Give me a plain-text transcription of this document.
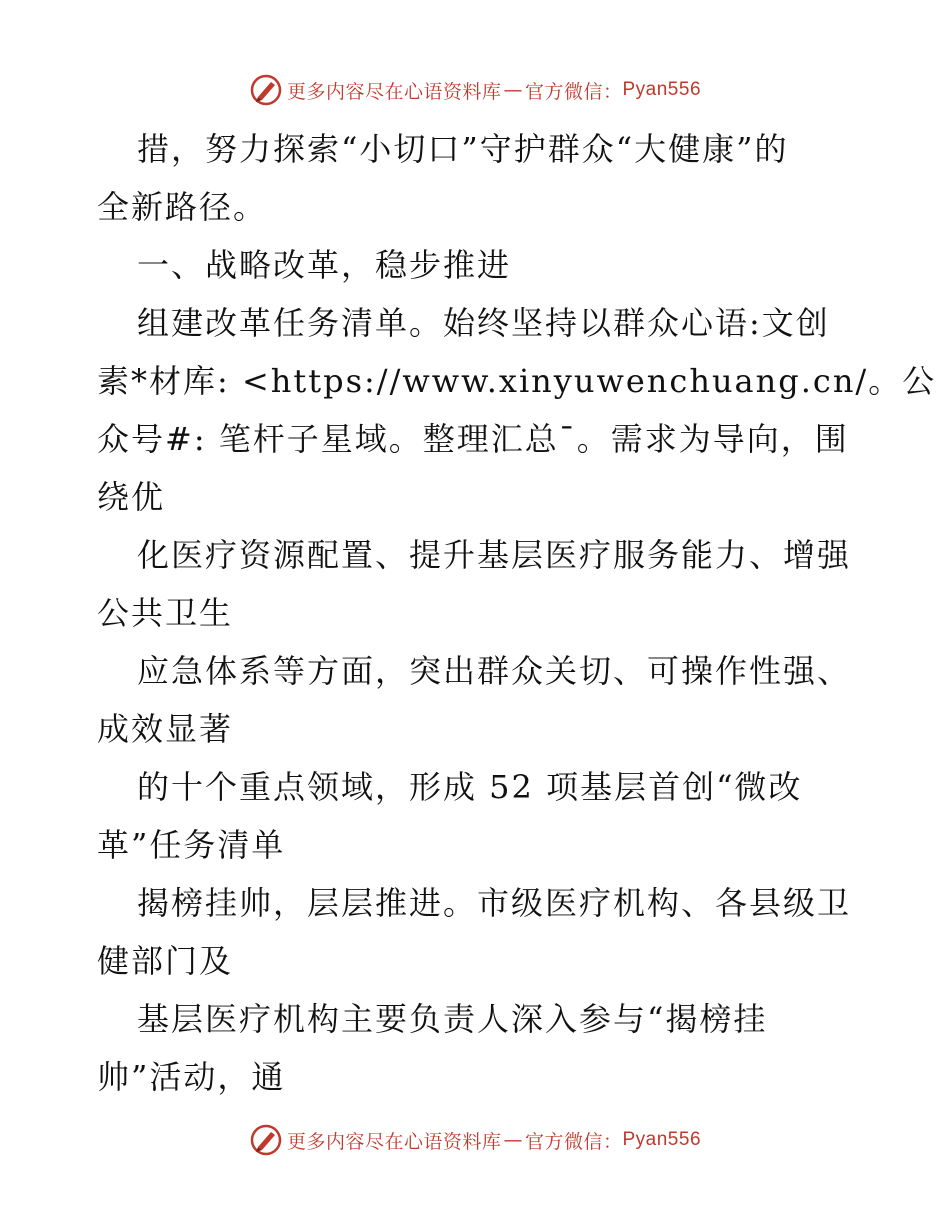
更多内容尽在心语资料库 — 官方微信： Pyan556
措，努力探索“小切口”守护群众“大健康”的
全新路径。
一、战略改革，稳步推进
组建改革任务清单。始终坚持以群众心语:文创
素*材库: <https://www.xinyuwenchuang.cn/。公
众号#: 笔杆子星域。整理汇总¯。需求为导向，围
绕优
化医疗资源配置、提升基层医疗服务能力、增强
公共卫生
应急体系等方面，突出群众关切、可操作性强、
成效显著
的十个重点领域，形成 52 项基层首创“微改
革”任务清单
揭榜挂帅，层层推进。市级医疗机构、各县级卫
健部门及
基层医疗机构主要负责人深入参与“揭榜挂
帅”活动，通
更多内容尽在心语资料库 — 官方微信： Pyan556
